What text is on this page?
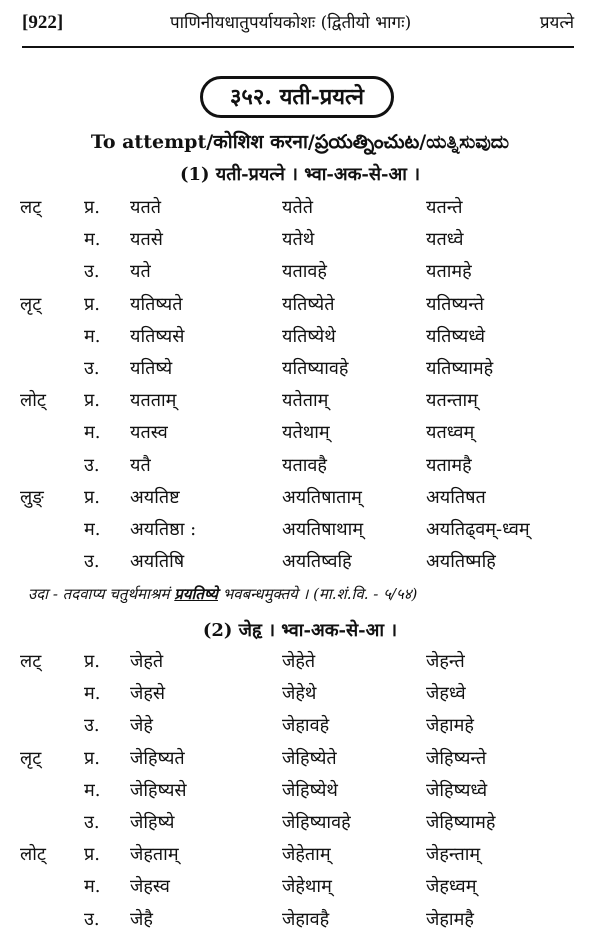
[922]	पाणिनीयधातुपर्यायकोशः (द्वितीयो भागः)	प्रयत्ने
३५२. यती-प्रयत्ने
To attempt/कोशिश करना/ప్రయత్నించుట/ಯತ್ನಿಸುವುದು
(1) यती-प्रयत्ने । भ्वा-अक-से-आ ।
लट् प्र. यतते	यतेते	यतन्ते
म. यतसे	यतेथे	यतध्वे
उ. यते	यतावहे	यतामहे
लृट् प्र. यतिष्यते	यतिष्येते	यतिष्यन्ते
म. यतिष्यसे	यतिष्येथे	यतिष्यध्वे
उ. यतिष्ये	यतिष्यावहे	यतिष्यामहे
लोट् प्र. यतताम्	यतेताम्	यतन्ताम्
म. यतस्व	यतेथाम्	यतध्वम्
उ. यतै	यतावहै	यतामहै
लुङ् प्र. अयतिष्ट	अयतिषाताम्	अयतिषत
म. अयतिष्ठा :	अयतिषाथाम्	अयतिढ्वम्-ध्वम्
उ. अयतिषि	अयतिष्वहि	अयतिष्महि
उदा - तदवाप्य चतुर्थमाश्रमं प्रयतिष्ये भवबन्धमुक्तये । (मा.शं.वि. - ५/५४)
(2) जेहृ । भ्वा-अक-से-आ ।
लट् प्र. जेहते	जेहेते	जेहन्ते
म. जेहसे	जेहेथे	जेहध्वे
उ. जेहे	जेहावहे	जेहामहे
लृट् प्र. जेहिष्यते	जेहिष्येते	जेहिष्यन्ते
म. जेहिष्यसे	जेहिष्येथे	जेहिष्यध्वे
उ. जेहिष्ये	जेहिष्यावहे	जेहिष्यामहे
लोट् प्र. जेहताम्	जेहेताम्	जेहन्ताम्
म. जेहस्व	जेहेथाम्	जेहध्वम्
उ. जेहै	जेहावहै	जेहामहै
